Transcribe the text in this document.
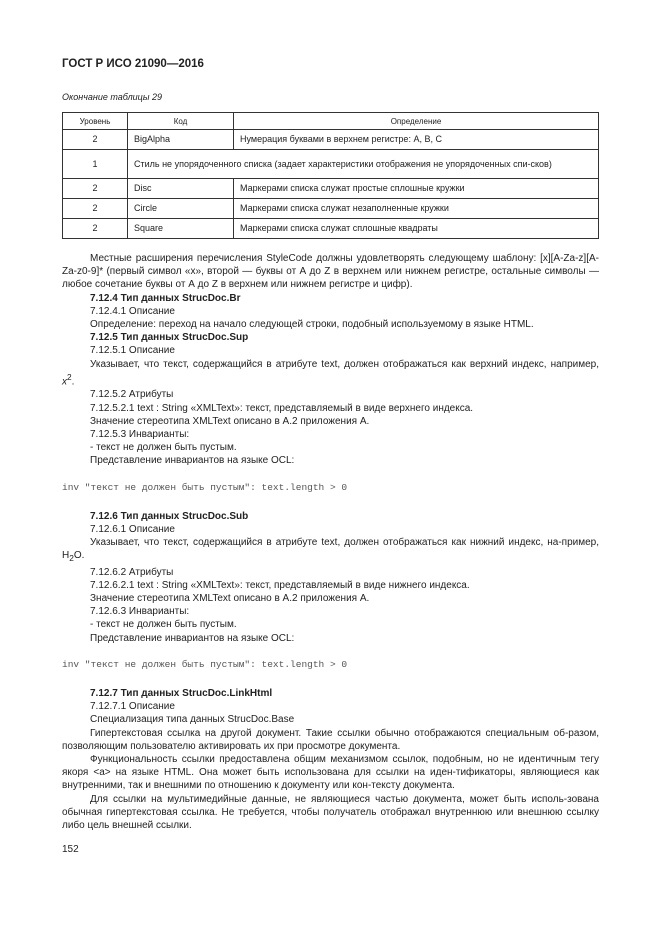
ГОСТ Р ИСО 21090—2016
Окончание таблицы 29
Уровень	Код	Определение
2	BigAlpha	Нумерация буквами в верхнем регистре: A, B, C
1	Стиль не упорядоченного списка (задает характеристики отображения не упорядоченных спи-сков)	
2	Disc	Маркерами списка служат простые сплошные кружки
2	Circle	Маркерами списка служат незаполненные кружки
2	Square	Маркерами списка служат сплошные квадраты

Местные расширения перечисления StyleCode должны удовлетворять следующему шаблону: [x][A-Za-z][A-Za-z0-9]* (первый символ «x», второй — буквы от А до Z в верхнем или нижнем регистре, остальные символы — любое сочетание буквы от А до Z в верхнем или нижнем регистре и цифр).

7.12.4 Тип данных StrucDoc.Br

7.12.4.1 Описание

Определение: переход на начало следующей строки, подобный используемому в языке HTML.

7.12.5 Тип данных StrucDoc.Sup

7.12.5.1 Описание

Указывает, что текст, содержащийся в атрибуте text, должен отображаться как верхний индекс, например, $x^2$.

7.12.5.2 Атрибуты

7.12.5.2.1 text : String «XMLText»: текст, представляемый в виде верхнего индекса.

Значение стереотипа XMLText описано в А.2 приложения А.

7.12.5.3 Инварианты:

- текст не должен быть пустым.

Представление инвариантов на языке OCL:

inv "текст не должен быть пустым": text.length > 0

7.12.6 Тип данных StrucDoc.Sub

7.12.6.1 Описание

Указывает, что текст, содержащийся в атрибуте text, должен отображаться как нижний индекс, на-пример, $H_2O$.

7.12.6.2 Атрибуты

7.12.6.2.1 text : String «XMLText»: текст, представляемый в виде нижнего индекса.

Значение стереотипа XMLText описано в А.2 приложения А.

7.12.6.3 Инварианты:

- текст не должен быть пустым.

Представление инвариантов на языке OCL:

inv "текст не должен быть пустым": text.length > 0

7.12.7 Тип данных StrucDoc.LinkHtml

7.12.7.1 Описание

Специализация типа данных StrucDoc.Base

Гипертекстовая ссылка на другой документ. Такие ссылки обычно отображаются специальным об-разом, позволяющим пользователю активировать их при просмотре документа.

Функциональность ссылки предоставлена общим механизмом ссылок, подобным, но не идентичным тегу якоря <a> на языке HTML. Она может быть использована для ссылки на иден-тификаторы, являющиеся как внутренними, так и внешними по отношению к документу или кон-тексту документа.

Для ссылки на мультимедийные данные, не являющиеся частью документа, может быть исполь-зована обычная гипертекстовая ссылка. Не требуется, чтобы получатель отображал внутреннюю или внешнюю ссылку либо цель внешней ссылки.

152
